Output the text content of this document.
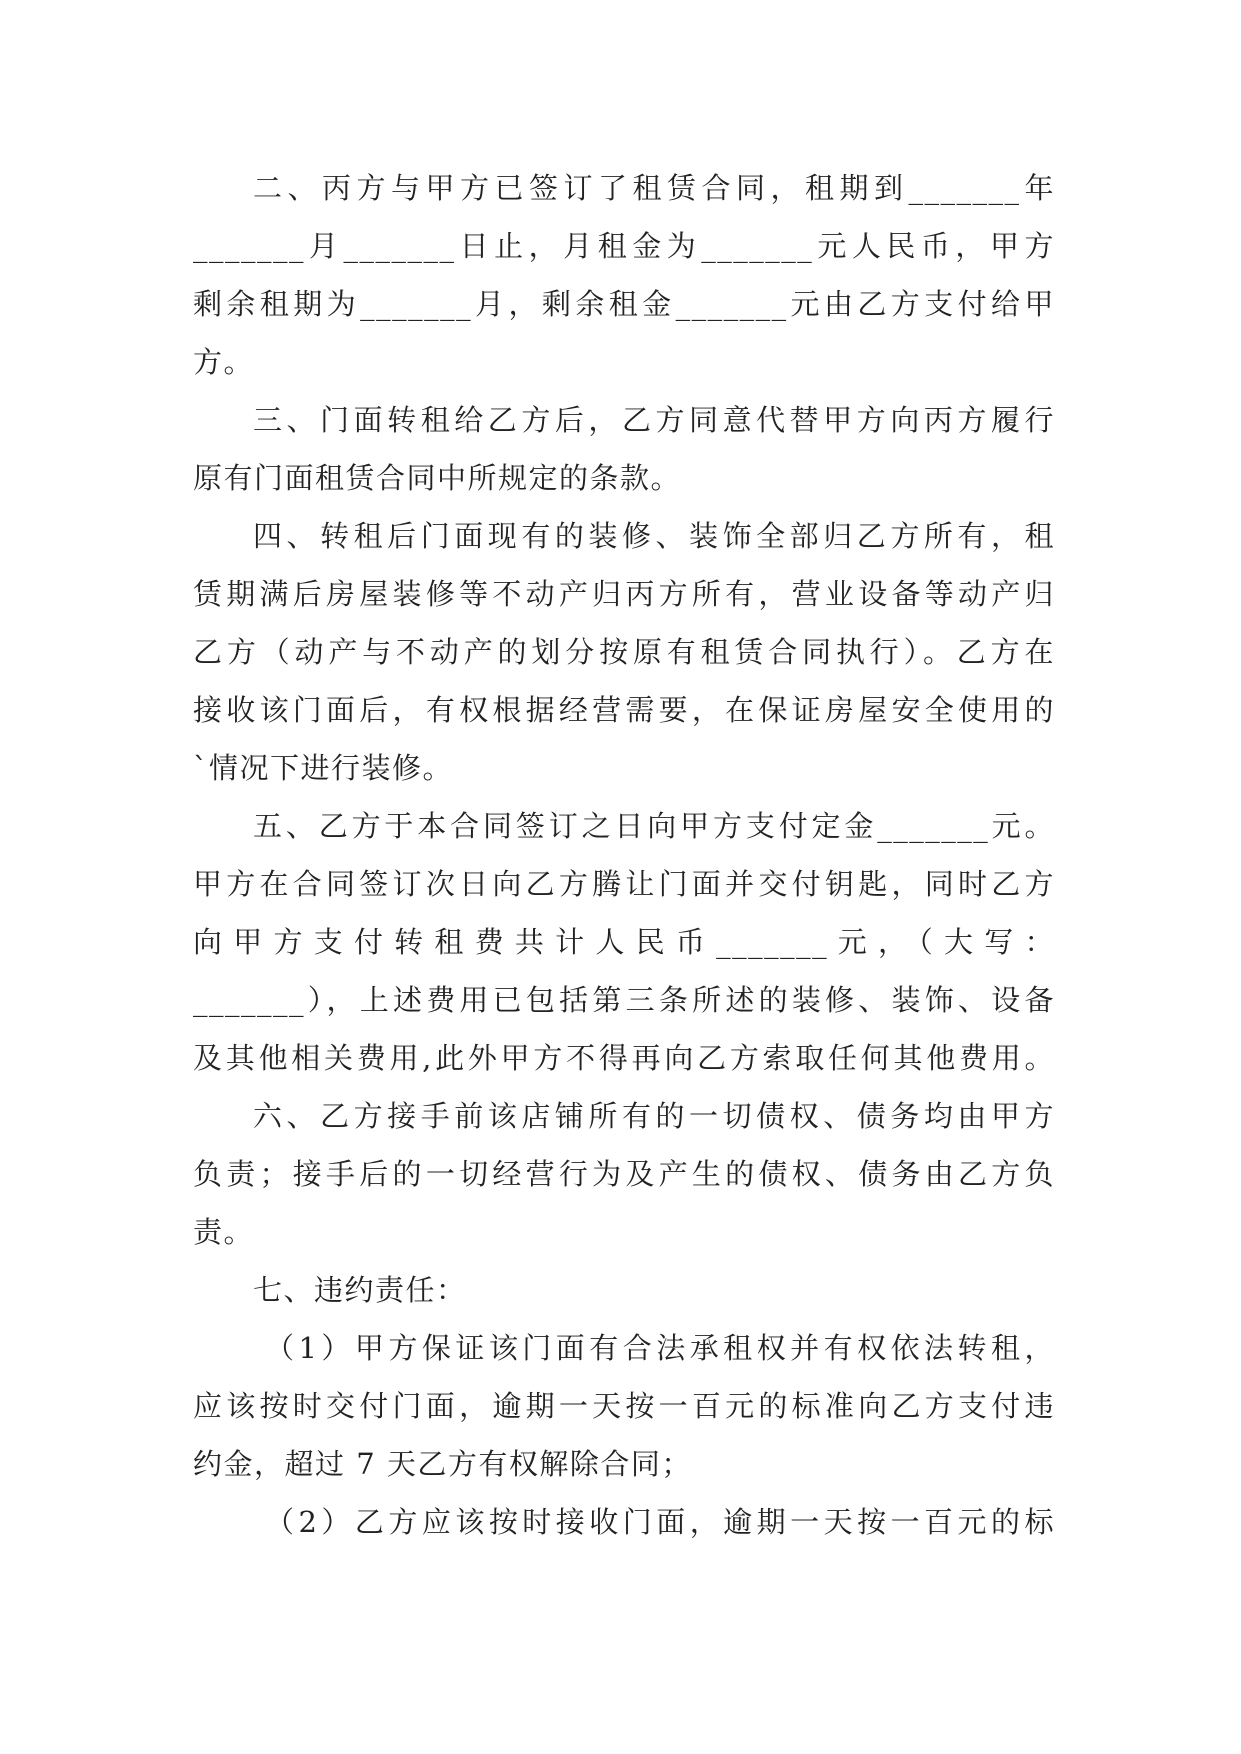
二、丙方与甲方已签订了租赁合同，租期到_______年
_______月_______日止，月租金为_______元人民币，甲方
剩余租期为_______月，剩余租金_______元由乙方支付给甲
方。
三、门面转租给乙方后，乙方同意代替甲方向丙方履行
原有门面租赁合同中所规定的条款。
四、转租后门面现有的装修、装饰全部归乙方所有，租
赁期满后房屋装修等不动产归丙方所有，营业设备等动产归
乙方（动产与不动产的划分按原有租赁合同执行）。乙方在
接收该门面后，有权根据经营需要，在保证房屋安全使用的
`情况下进行装修。
五、乙方于本合同签订之日向甲方支付定金_______元。
甲方在合同签订次日向乙方腾让门面并交付钥匙，同时乙方
向甲方支付转租费共计人民币_______元，（大写：
_______），上述费用已包括第三条所述的装修、装饰、设备
及其他相关费用,此外甲方不得再向乙方索取任何其他费用。
六、乙方接手前该店铺所有的一切债权、债务均由甲方
负责；接手后的一切经营行为及产生的债权、债务由乙方负
责。
七、违约责任：
（1）甲方保证该门面有合法承租权并有权依法转租，
应该按时交付门面，逾期一天按一百元的标准向乙方支付违
约金，超过 7 天乙方有权解除合同；
（2）乙方应该按时接收门面，逾期一天按一百元的标
